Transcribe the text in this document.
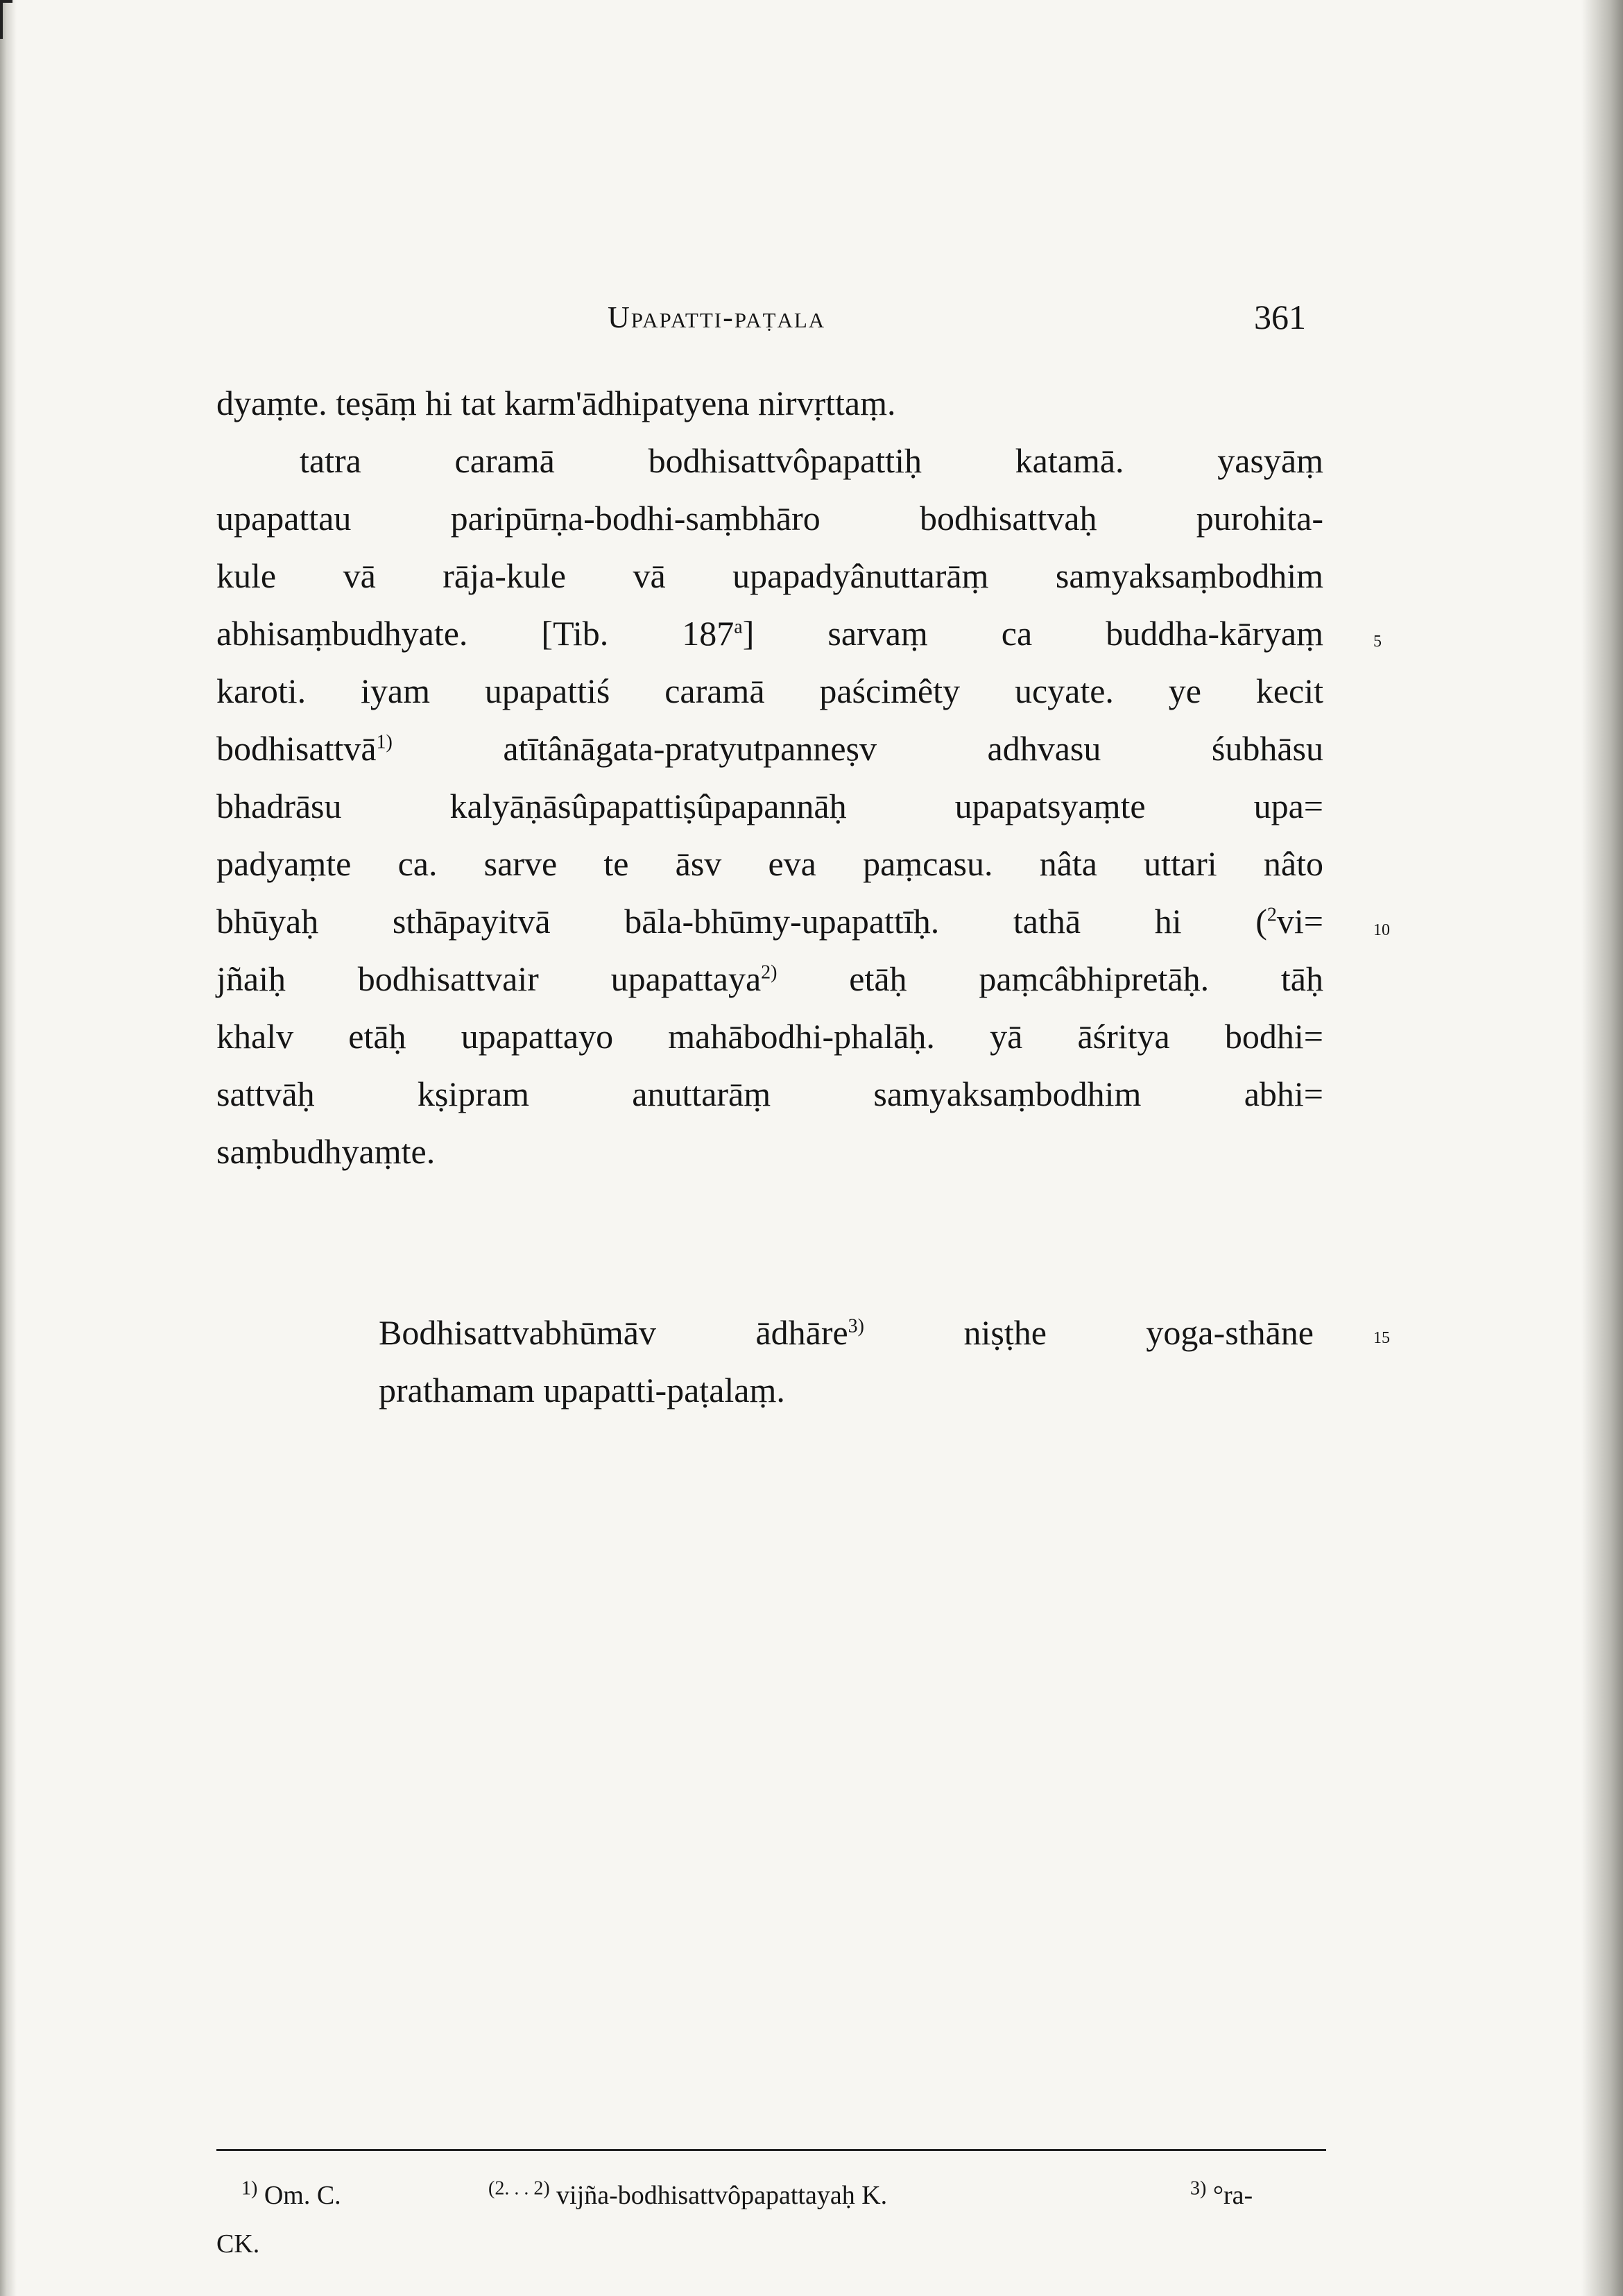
Upapatti-paṭala	361
dyaṃte. teṣāṃ hi tat karm'ādhipatyena nirvṛttaṃ.
tatra caramā bodhisattvôpapattiḥ katamā. yasyāṃ
upapattau paripūrṇa-bodhi-saṃbhāro bodhisattvaḥ purohita-
kule vā rāja-kule vā upapadyânuttarāṃ samyaksaṃbodhim
abhisaṃbudhyate. [Tib. 187$^a$] sarvaṃ ca buddha-kāryaṃ
karoti. iyam upapattiś caramā paścimêty ucyate. ye kecit
bodhisattvā$^{1)}$ atītânāgata-pratyutpanneṣv adhvasu śubhāsu
bhadrāsu kalyāṇāsûpapattiṣûpapannāḥ upapatsyaṃte upa=
padyaṃte ca. sarve te āsv eva paṃcasu. nâta uttari nâto
bhūyaḥ sthāpayitvā bāla-bhūmy-upapattīḥ. tathā hi ($^2$vi=
jñaiḥ bodhisattvair upapattaya$^{2)}$ etāḥ paṃcâbhipretāḥ. tāḥ
khalv etāḥ upapattayo mahābodhi-phalāḥ. yā āśritya bodhi=
sattvāḥ kṣipram anuttarāṃ samyaksaṃbodhim abhi=
saṃbudhyaṃte.
5
10
15
Bodhisattvabhūmāv ādhāre$^{3)}$ niṣṭhe yoga-sthāne
prathamam upapatti-paṭalaṃ.
$^{1)}$ Om. C.	$^{(2. . . 2)}$ vijña-bodhisattvôpapattayaḥ K.	$^{3)}$ °ra-
CK.
